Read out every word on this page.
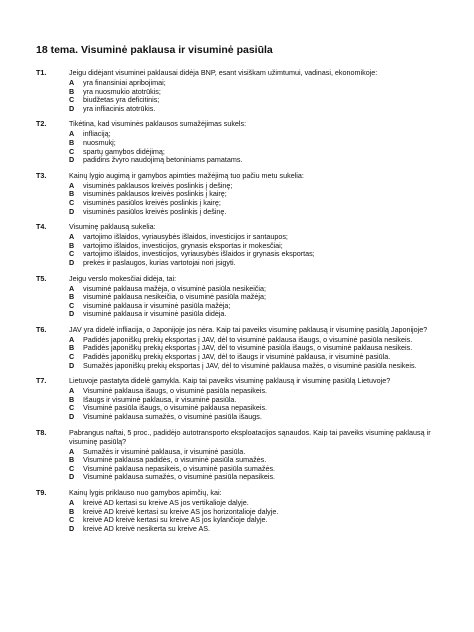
18 tema. Visuminė paklausa ir visuminė pasiūla
T1.	Jeigu didėjant visuminei paklausai didėja BNP, esant visiškam užimtumui, vadinasi, ekonomikoje:
A	yra finansiniai apribojimai;
B	yra nuosmukio atotrūkis;
C	biudžetas yra deficitinis;
D	yra infliacinis atotrūkis.
T2.	Tikėtina, kad visuminės paklausos sumažėjimas sukels:
A	infliaciją;
B	nuosmukį;
C	spartų gamybos didėjimą;
D	padidins žvyro naudojimą betoniniams pamatams.
T3.	Kainų lygio augimą ir gamybos apimties mažėjimą tuo pačiu metu sukelia:
A	visuminės paklausos kreivės poslinkis į dešinę;
B	visuminės paklausos kreivės poslinkis į kairę;
C	visuminės pasiūlos kreivės poslinkis į kairę;
D	visuminės pasiūlos kreivės poslinkis į dešinę.
T4.	Visuminę paklausą sukelia:
A	vartojimo išlaidos, vyriausybės išlaidos, investicijos ir santaupos;
B	vartojimo išlaidos, investicijos, grynasis eksportas ir mokesčiai;
C	vartojimo išlaidos, investicijos, vyriausybės išlaidos ir grynasis eksportas;
D	prekės ir paslaugos, kurias vartotojai nori įsigyti.
T5.	Jeigu verslo mokesčiai didėja, tai:
A	visuminė paklausa mažėja, o visuminė pasiūla nesikeičia;
B	visuminė paklausa nesikeičia, o visuminė pasiūla mažėja;
C	visuminė paklausa ir visuminė pasiūla mažėja;
D	visuminė paklausa ir visuminė pasiūla didėja.
T6.	JAV yra didelė infliacija, o Japonijoje jos nėra. Kaip tai paveiks visuminę paklausą ir visuminę pasiūlą Japonijoje?
A	Padidės japoniškų prekių eksportas į JAV, dėl to visuminė paklausa išaugs, o visuminė pasiūla nesikeis.
B	Padidės japoniškų prekių eksportas į JAV, dėl to visuminė pasiūla išaugs, o visuminė paklausa nesikeis.
C	Padidės japoniškų prekių eksportas į JAV, dėl to išaugs ir visuminė paklausa, ir visuminė pasiūla.
D	Sumažės japoniškų prekių eksportas į JAV, dėl to visuminė paklausa mažės, o visuminė pasiūla nesikeis.
T7.	Lietuvoje pastatyta didelė gamykla. Kaip tai paveiks visuminę paklausą ir visuminę pasiūlą Lietuvoje?
A	Visuminė paklausa išaugs, o visuminė pasiūla nepasikeis.
B	Išaugs ir visuminė paklausa, ir visuminė pasiūla.
C	Visuminė pasiūla išaugs, o visuminė paklausa nepasikeis.
D	Visuminė paklausa sumažės, o visuminė pasiūla išaugs.
T8.	Pabrangus naftai, 5 proc., padidėjo autotransporto eksploatacijos sąnaudos. Kaip tai paveiks visuminę paklausą ir visuminę pasiūlą?
A	Sumažės ir visuminė paklausa, ir visuminė pasiūla.
B	Visuminė paklausa padidės, o visuminė pasiūla sumažės.
C	Visuminė paklausa nepasikeis, o visuminė pasiūla sumažės.
D	Visuminė paklausa sumažės, o visuminė pasiūla nepasikeis.
T9.	Kainų lygis priklauso nuo gamybos apimčių, kai:
A	kreivė AD kertasi su kreive AS jos vertikalioje dalyje.
B	kreivė AD kreivė kertasi su kreive AS jos horizontalioje dalyje.
C	kreivė AD kreivė kertasi su kreive AS jos kylančioje dalyje.
D	kreivė AD kreivė nesikerta su kreive AS.
